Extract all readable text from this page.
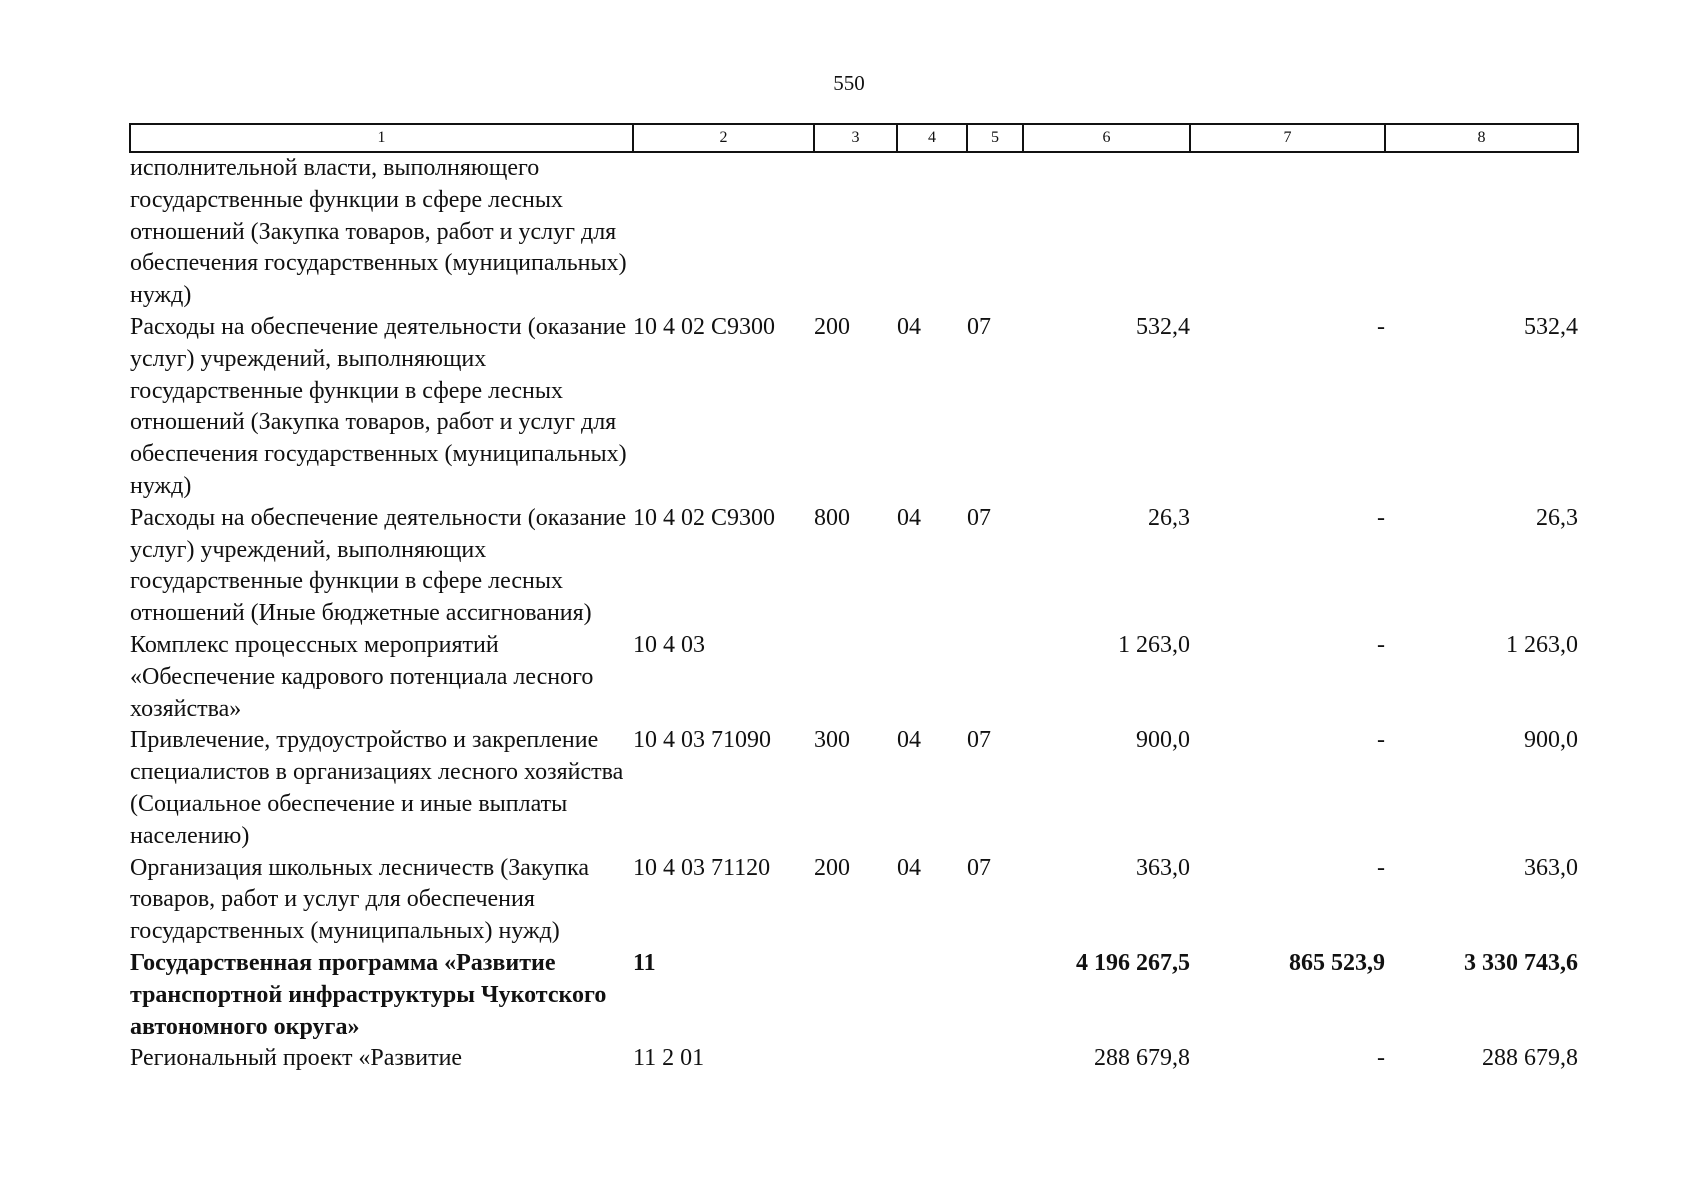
550
1	2	3	4	5	6	7	8
исполнительной власти, выполняющего государственные функции в сфере лесных отношений (Закупка товаров, работ и услуг для обеспечения государственных (муниципальных) нужд)							
Расходы на обеспечение деятельности (оказание услуг) учреждений, выполняющих государственные функции в сфере лесных отношений (Закупка товаров, работ и услуг для обеспечения государственных (муниципальных) нужд)	10 4 02 С9300	200	04	07	532,4	-	532,4
Расходы на обеспечение деятельности (оказание услуг) учреждений, выполняющих государственные функции в сфере лесных отношений (Иные бюджетные ассигнования)	10 4 02 С9300	800	04	07	26,3	-	26,3
Комплекс процессных мероприятий «Обеспечение кадрового потенциала лесного хозяйства»	10 4 03				1 263,0	-	1 263,0
Привлечение, трудоустройство и закрепление специалистов в организациях лесного хозяйства (Социальное обеспечение и иные выплаты населению)	10 4 03 71090	300	04	07	900,0	-	900,0
Организация школьных лесничеств (Закупка товаров, работ и услуг для обеспечения государственных (муниципальных) нужд)	10 4 03 71120	200	04	07	363,0	-	363,0
Государственная программа «Развитие транспортной инфраструктуры Чукотского автономного округа»	11				4 196 267,5	865 523,9	3 330 743,6
Региональный проект «Развитие	11 2 01				288 679,8	-	288 679,8
